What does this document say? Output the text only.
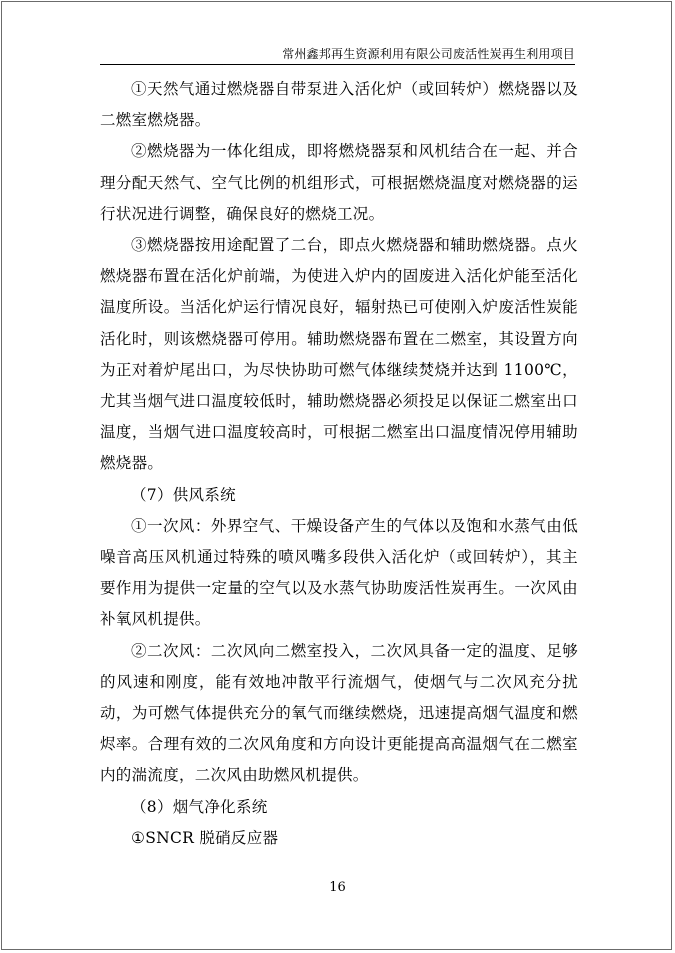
常州鑫邦再生资源利用有限公司废活性炭再生利用项目

①天然气通过燃烧器自带泵进入活化炉（或回转炉）燃烧器以及二燃室燃烧器。

②燃烧器为一体化组成，即将燃烧器泵和风机结合在一起、并合理分配天然气、空气比例的机组形式，可根据燃烧温度对燃烧器的运行状况进行调整，确保良好的燃烧工况。

③燃烧器按用途配置了二台，即点火燃烧器和辅助燃烧器。点火燃烧器布置在活化炉前端，为使进入炉内的固废进入活化炉能至活化温度所设。当活化炉运行情况良好，辐射热已可使刚入炉废活性炭能活化时，则该燃烧器可停用。辅助燃烧器布置在二燃室，其设置方向为正对着炉尾出口，为尽快协助可燃气体继续焚烧并达到 1100℃，尤其当烟气进口温度较低时，辅助燃烧器必须投足以保证二燃室出口温度，当烟气进口温度较高时，可根据二燃室出口温度情况停用辅助燃烧器。

（7）供风系统

①一次风：外界空气、干燥设备产生的气体以及饱和水蒸气由低噪音高压风机通过特殊的喷风嘴多段供入活化炉（或回转炉），其主要作用为提供一定量的空气以及水蒸气协助废活性炭再生。一次风由补氧风机提供。

②二次风：二次风向二燃室投入，二次风具备一定的温度、足够的风速和刚度，能有效地冲散平行流烟气，使烟气与二次风充分扰动，为可燃气体提供充分的氧气而继续燃烧，迅速提高烟气温度和燃烬率。合理有效的二次风角度和方向设计更能提高高温烟气在二燃室内的湍流度，二次风由助燃风机提供。

（8）烟气净化系统

①SNCR 脱硝反应器

16
